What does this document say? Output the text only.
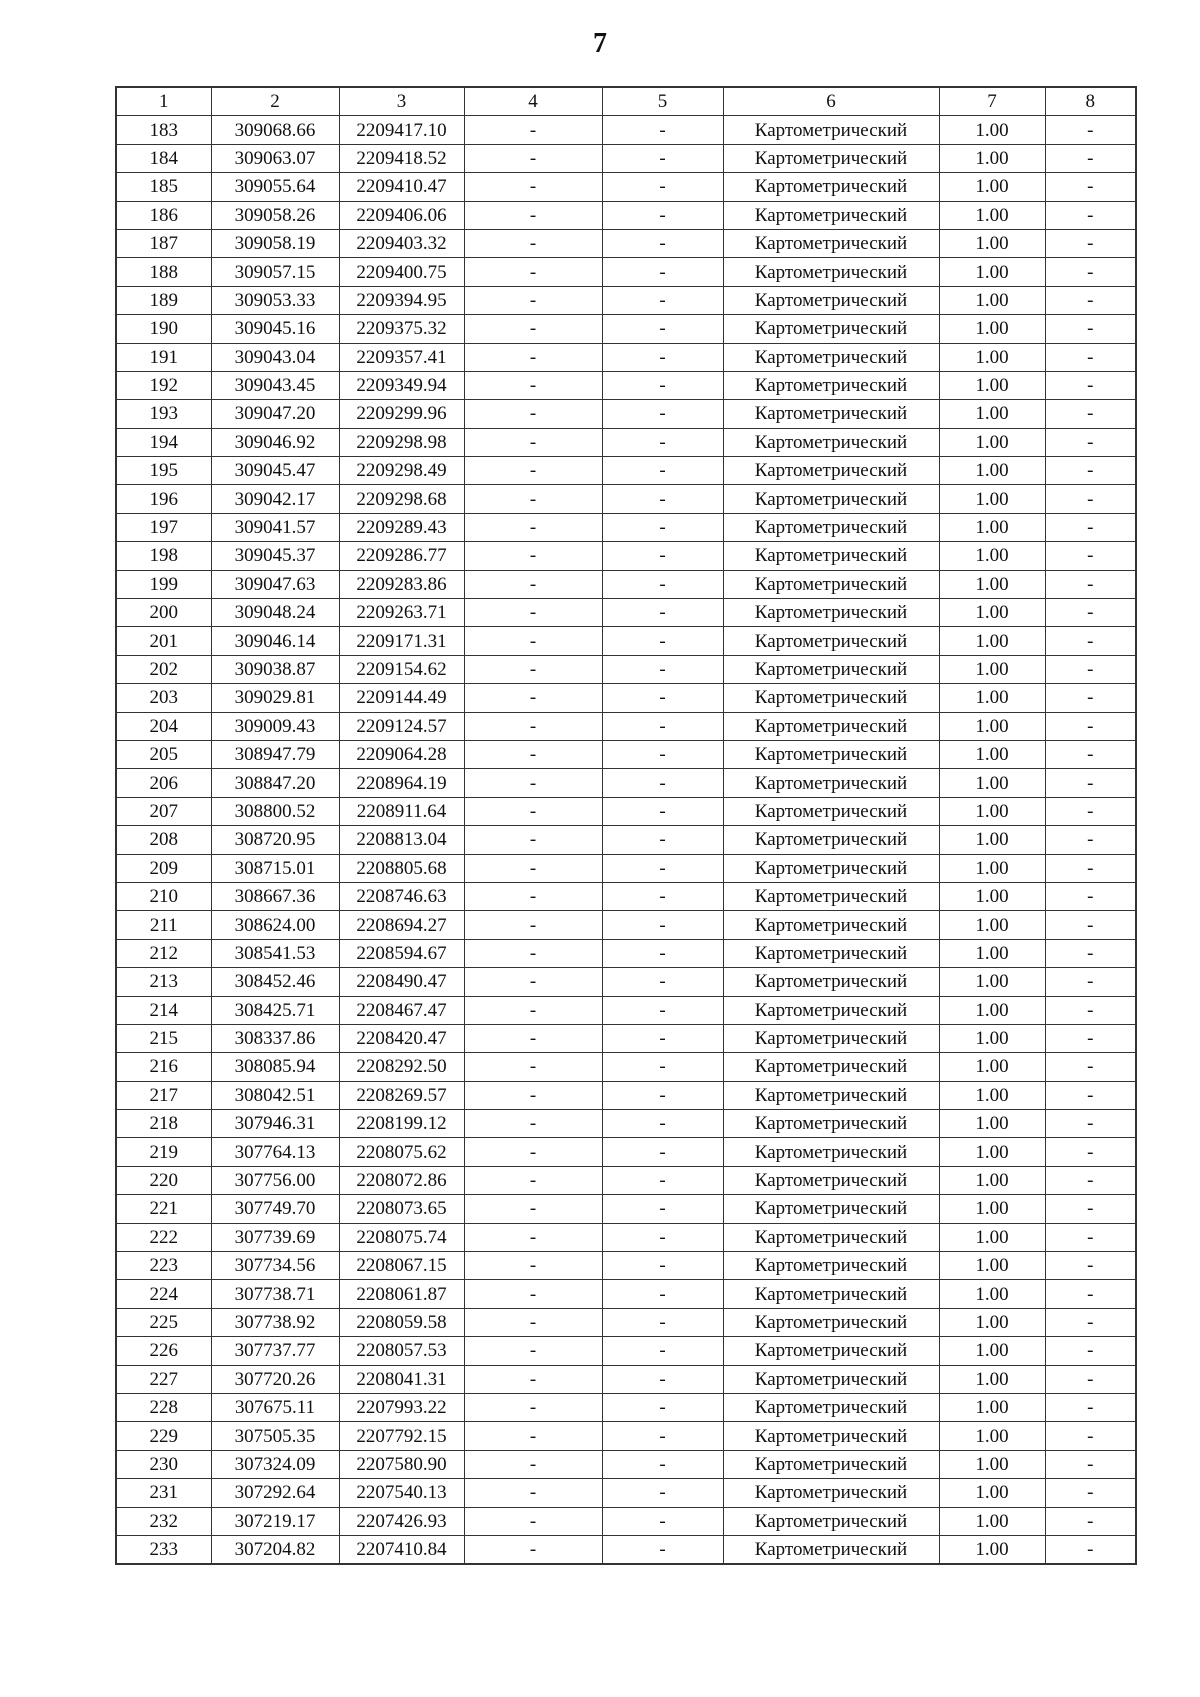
7
1	2	3	4	5	6	7	8
183	309068.66	2209417.10	-	-	Картометрический	1.00	-
184	309063.07	2209418.52	-	-	Картометрический	1.00	-
185	309055.64	2209410.47	-	-	Картометрический	1.00	-
186	309058.26	2209406.06	-	-	Картометрический	1.00	-
187	309058.19	2209403.32	-	-	Картометрический	1.00	-
188	309057.15	2209400.75	-	-	Картометрический	1.00	-
189	309053.33	2209394.95	-	-	Картометрический	1.00	-
190	309045.16	2209375.32	-	-	Картометрический	1.00	-
191	309043.04	2209357.41	-	-	Картометрический	1.00	-
192	309043.45	2209349.94	-	-	Картометрический	1.00	-
193	309047.20	2209299.96	-	-	Картометрический	1.00	-
194	309046.92	2209298.98	-	-	Картометрический	1.00	-
195	309045.47	2209298.49	-	-	Картометрический	1.00	-
196	309042.17	2209298.68	-	-	Картометрический	1.00	-
197	309041.57	2209289.43	-	-	Картометрический	1.00	-
198	309045.37	2209286.77	-	-	Картометрический	1.00	-
199	309047.63	2209283.86	-	-	Картометрический	1.00	-
200	309048.24	2209263.71	-	-	Картометрический	1.00	-
201	309046.14	2209171.31	-	-	Картометрический	1.00	-
202	309038.87	2209154.62	-	-	Картометрический	1.00	-
203	309029.81	2209144.49	-	-	Картометрический	1.00	-
204	309009.43	2209124.57	-	-	Картометрический	1.00	-
205	308947.79	2209064.28	-	-	Картометрический	1.00	-
206	308847.20	2208964.19	-	-	Картометрический	1.00	-
207	308800.52	2208911.64	-	-	Картометрический	1.00	-
208	308720.95	2208813.04	-	-	Картометрический	1.00	-
209	308715.01	2208805.68	-	-	Картометрический	1.00	-
210	308667.36	2208746.63	-	-	Картометрический	1.00	-
211	308624.00	2208694.27	-	-	Картометрический	1.00	-
212	308541.53	2208594.67	-	-	Картометрический	1.00	-
213	308452.46	2208490.47	-	-	Картометрический	1.00	-
214	308425.71	2208467.47	-	-	Картометрический	1.00	-
215	308337.86	2208420.47	-	-	Картометрический	1.00	-
216	308085.94	2208292.50	-	-	Картометрический	1.00	-
217	308042.51	2208269.57	-	-	Картометрический	1.00	-
218	307946.31	2208199.12	-	-	Картометрический	1.00	-
219	307764.13	2208075.62	-	-	Картометрический	1.00	-
220	307756.00	2208072.86	-	-	Картометрический	1.00	-
221	307749.70	2208073.65	-	-	Картометрический	1.00	-
222	307739.69	2208075.74	-	-	Картометрический	1.00	-
223	307734.56	2208067.15	-	-	Картометрический	1.00	-
224	307738.71	2208061.87	-	-	Картометрический	1.00	-
225	307738.92	2208059.58	-	-	Картометрический	1.00	-
226	307737.77	2208057.53	-	-	Картометрический	1.00	-
227	307720.26	2208041.31	-	-	Картометрический	1.00	-
228	307675.11	2207993.22	-	-	Картометрический	1.00	-
229	307505.35	2207792.15	-	-	Картометрический	1.00	-
230	307324.09	2207580.90	-	-	Картометрический	1.00	-
231	307292.64	2207540.13	-	-	Картометрический	1.00	-
232	307219.17	2207426.93	-	-	Картометрический	1.00	-
233	307204.82	2207410.84	-	-	Картометрический	1.00	-
